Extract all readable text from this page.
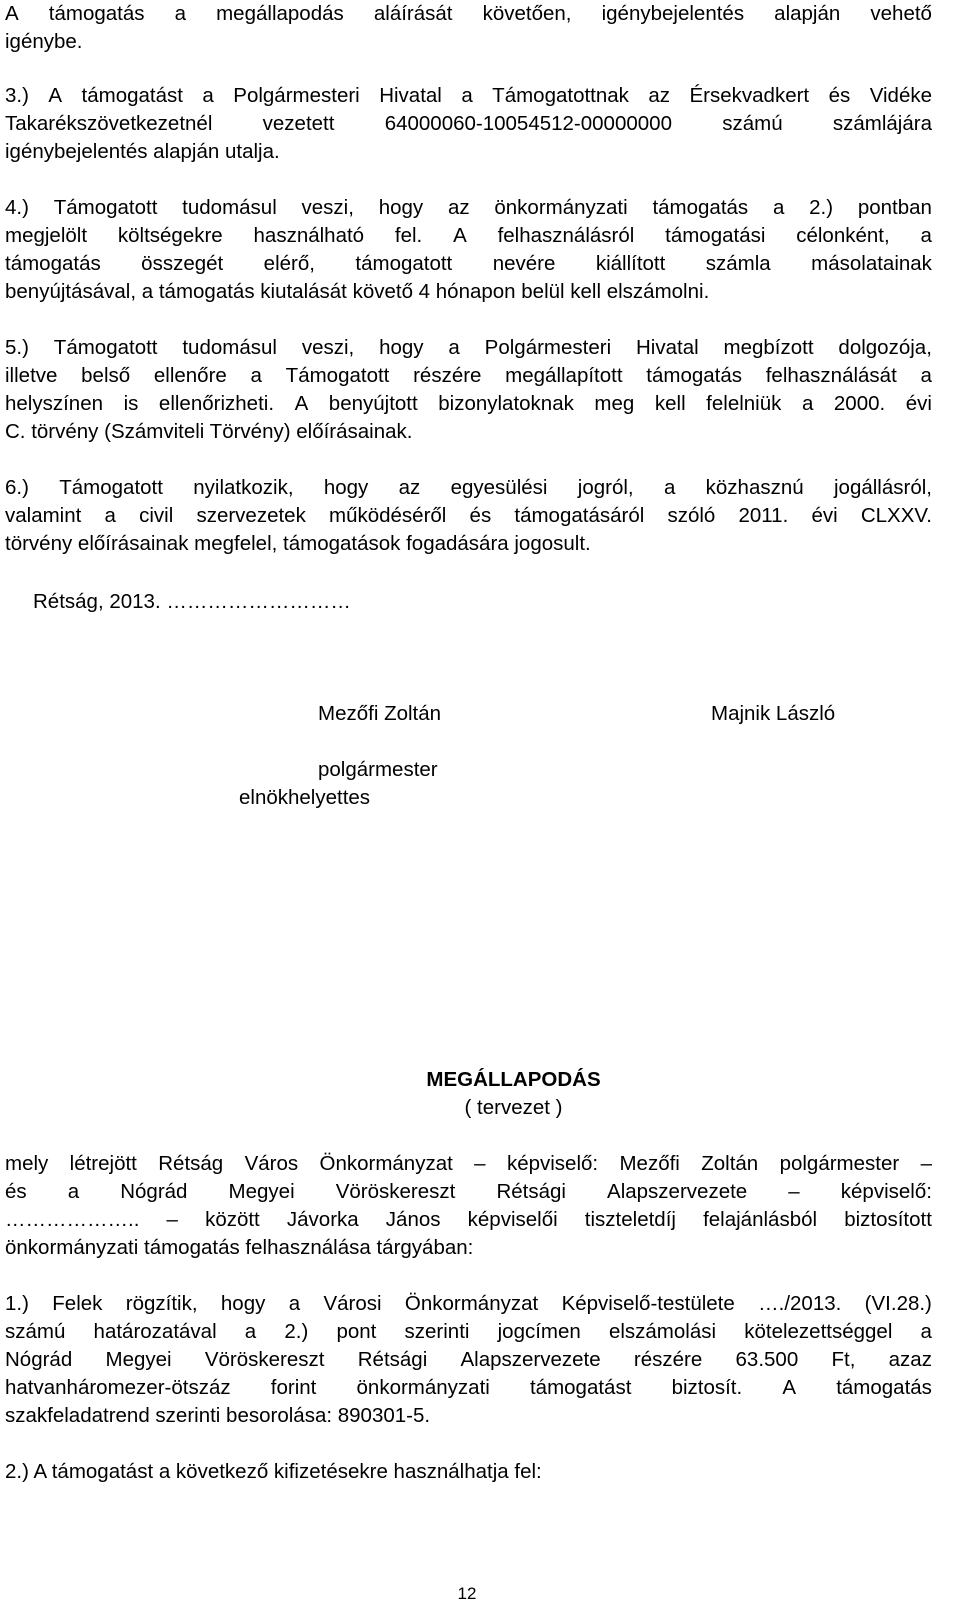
A támogatás a megállapodás aláírását követően, igénybejelentés alapján vehető
igénybe.
3.) A támogatást a Polgármesteri Hivatal a Támogatottnak az Érsekvadkert és Vidéke
Takarékszövetkezetnél vezetett 64000060-10054512-00000000 számú számlájára
igénybejelentés alapján utalja.
4.) Támogatott tudomásul veszi, hogy az önkormányzati támogatás a 2.) pontban
megjelölt költségekre használható fel. A felhasználásról támogatási célonként, a
támogatás összegét elérő, támogatott nevére kiállított számla másolatainak
benyújtásával, a támogatás kiutalását követő 4 hónapon belül kell elszámolni.
5.) Támogatott tudomásul veszi, hogy a Polgármesteri Hivatal megbízott dolgozója,
illetve belső ellenőre a Támogatott részére megállapított támogatás felhasználását a
helyszínen is ellenőrizheti. A benyújtott bizonylatoknak meg kell felelniük a 2000. évi
C. törvény (Számviteli Törvény) előírásainak.
6.) Támogatott nyilatkozik, hogy az egyesülési jogról, a közhasznú jogállásról,
valamint a civil szervezetek működéséről és támogatásáról szóló 2011. évi CLXXV.
törvény előírásainak megfelel, támogatások fogadására jogosult.
Rétság, 2013. ………………………
Mezőfi Zoltán	Majnik László
polgármester
elnökhelyettes
MEGÁLLAPODÁS
( tervezet )
mely létrejött Rétság Város Önkormányzat – képviselő: Mezőfi Zoltán polgármester –
és a Nógrád Megyei Vöröskereszt Rétsági Alapszervezete – képviselő:
……………….. – között Jávorka János képviselői tiszteletdíj felajánlásból biztosított
önkormányzati támogatás felhasználása tárgyában:
1.) Felek rögzítik, hogy a Városi Önkormányzat Képviselő-testülete …./2013. (VI.28.)
számú határozatával a 2.) pont szerinti jogcímen elszámolási kötelezettséggel a
Nógrád Megyei Vöröskereszt Rétsági Alapszervezete részére 63.500 Ft, azaz
hatvanháromezer-ötszáz forint önkormányzati támogatást biztosít. A támogatás
szakfeladatrend szerinti besorolása: 890301-5.
2.) A támogatást a következő kifizetésekre használhatja fel:
12
